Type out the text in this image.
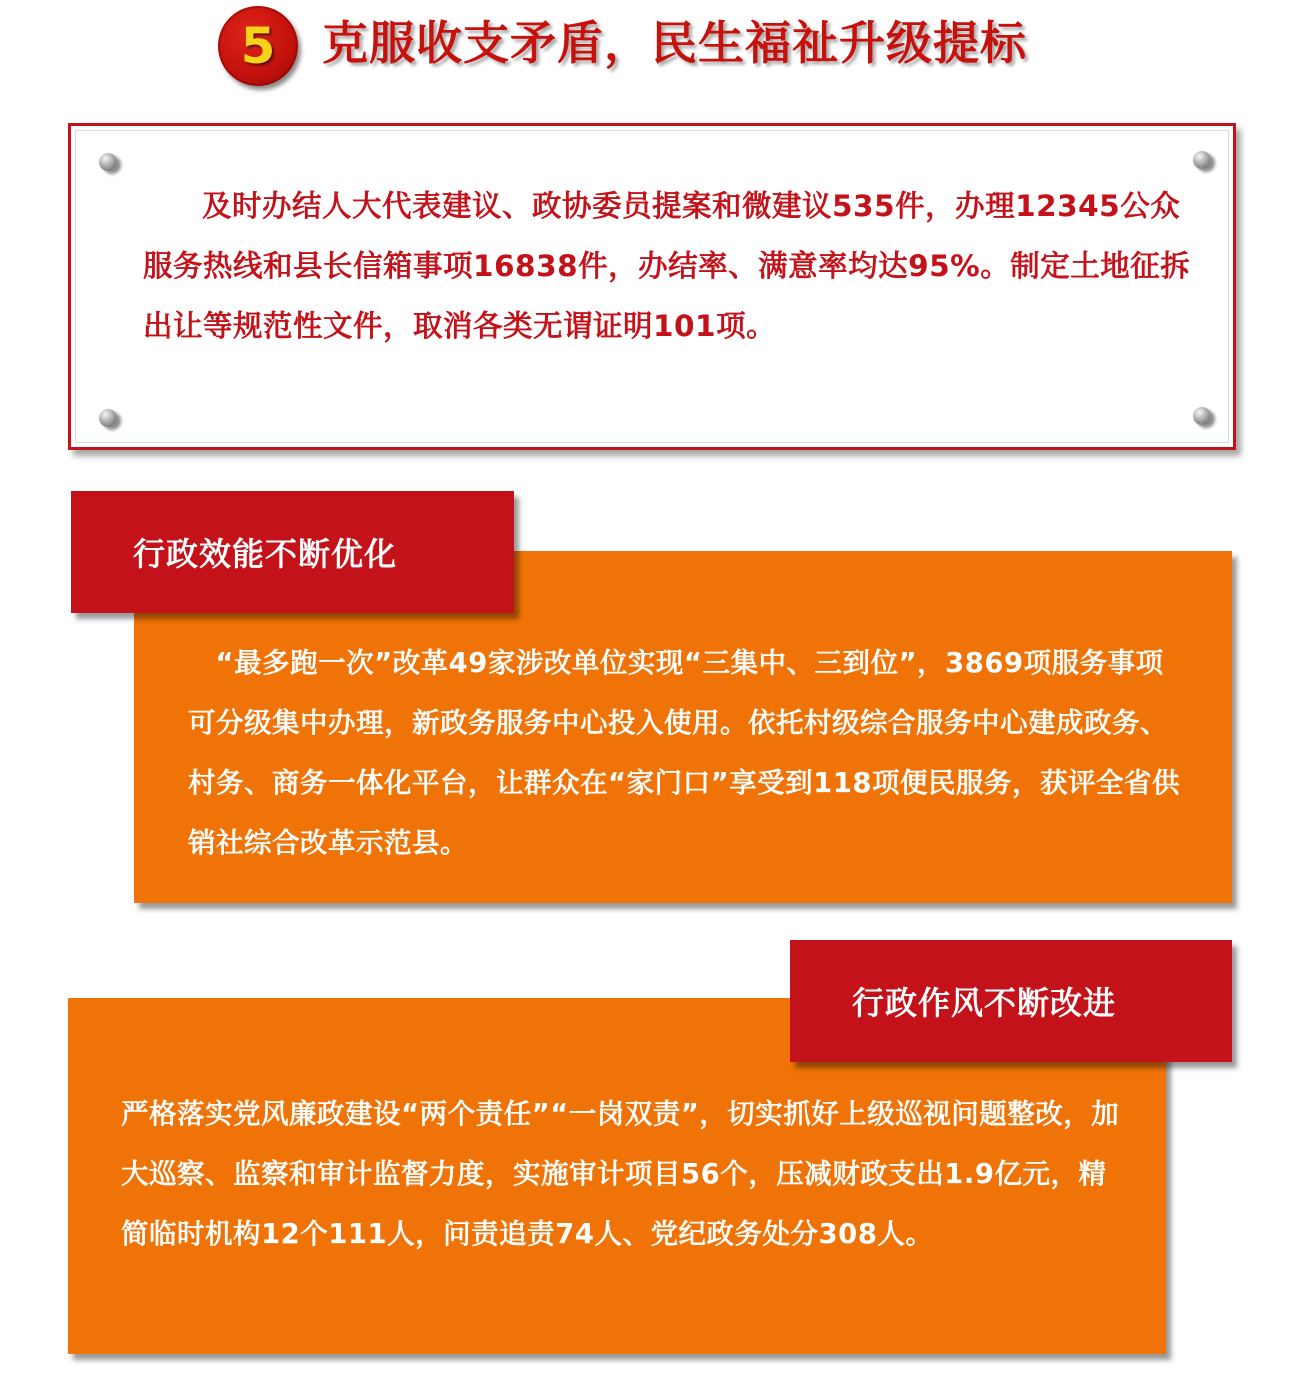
5 克服收支矛盾，民生福祉升级提标

及时办结人大代表建议、政协委员提案和微建议535件，办理12345公众服务热线和县长信箱事项16838件，办结率、满意率均达95%。制定土地征拆出让等规范性文件，取消各类无谓证明101项。

行政效能不断优化

“最多跑一次”改革49家涉改单位实现“三集中、三到位”，3869项服务事项可分级集中办理，新政务服务中心投入使用。依托村级综合服务中心建成政务、村务、商务一体化平台，让群众在“家门口”享受到118项便民服务，获评全省供销社综合改革示范县。

行政作风不断改进

严格落实党风廉政建设“两个责任”“一岗双责”，切实抓好上级巡视问题整改，加大巡察、监察和审计监督力度，实施审计项目56个，压减财政支出1.9亿元，精简临时机构12个111人，问责追责74人、党纪政务处分308人。
